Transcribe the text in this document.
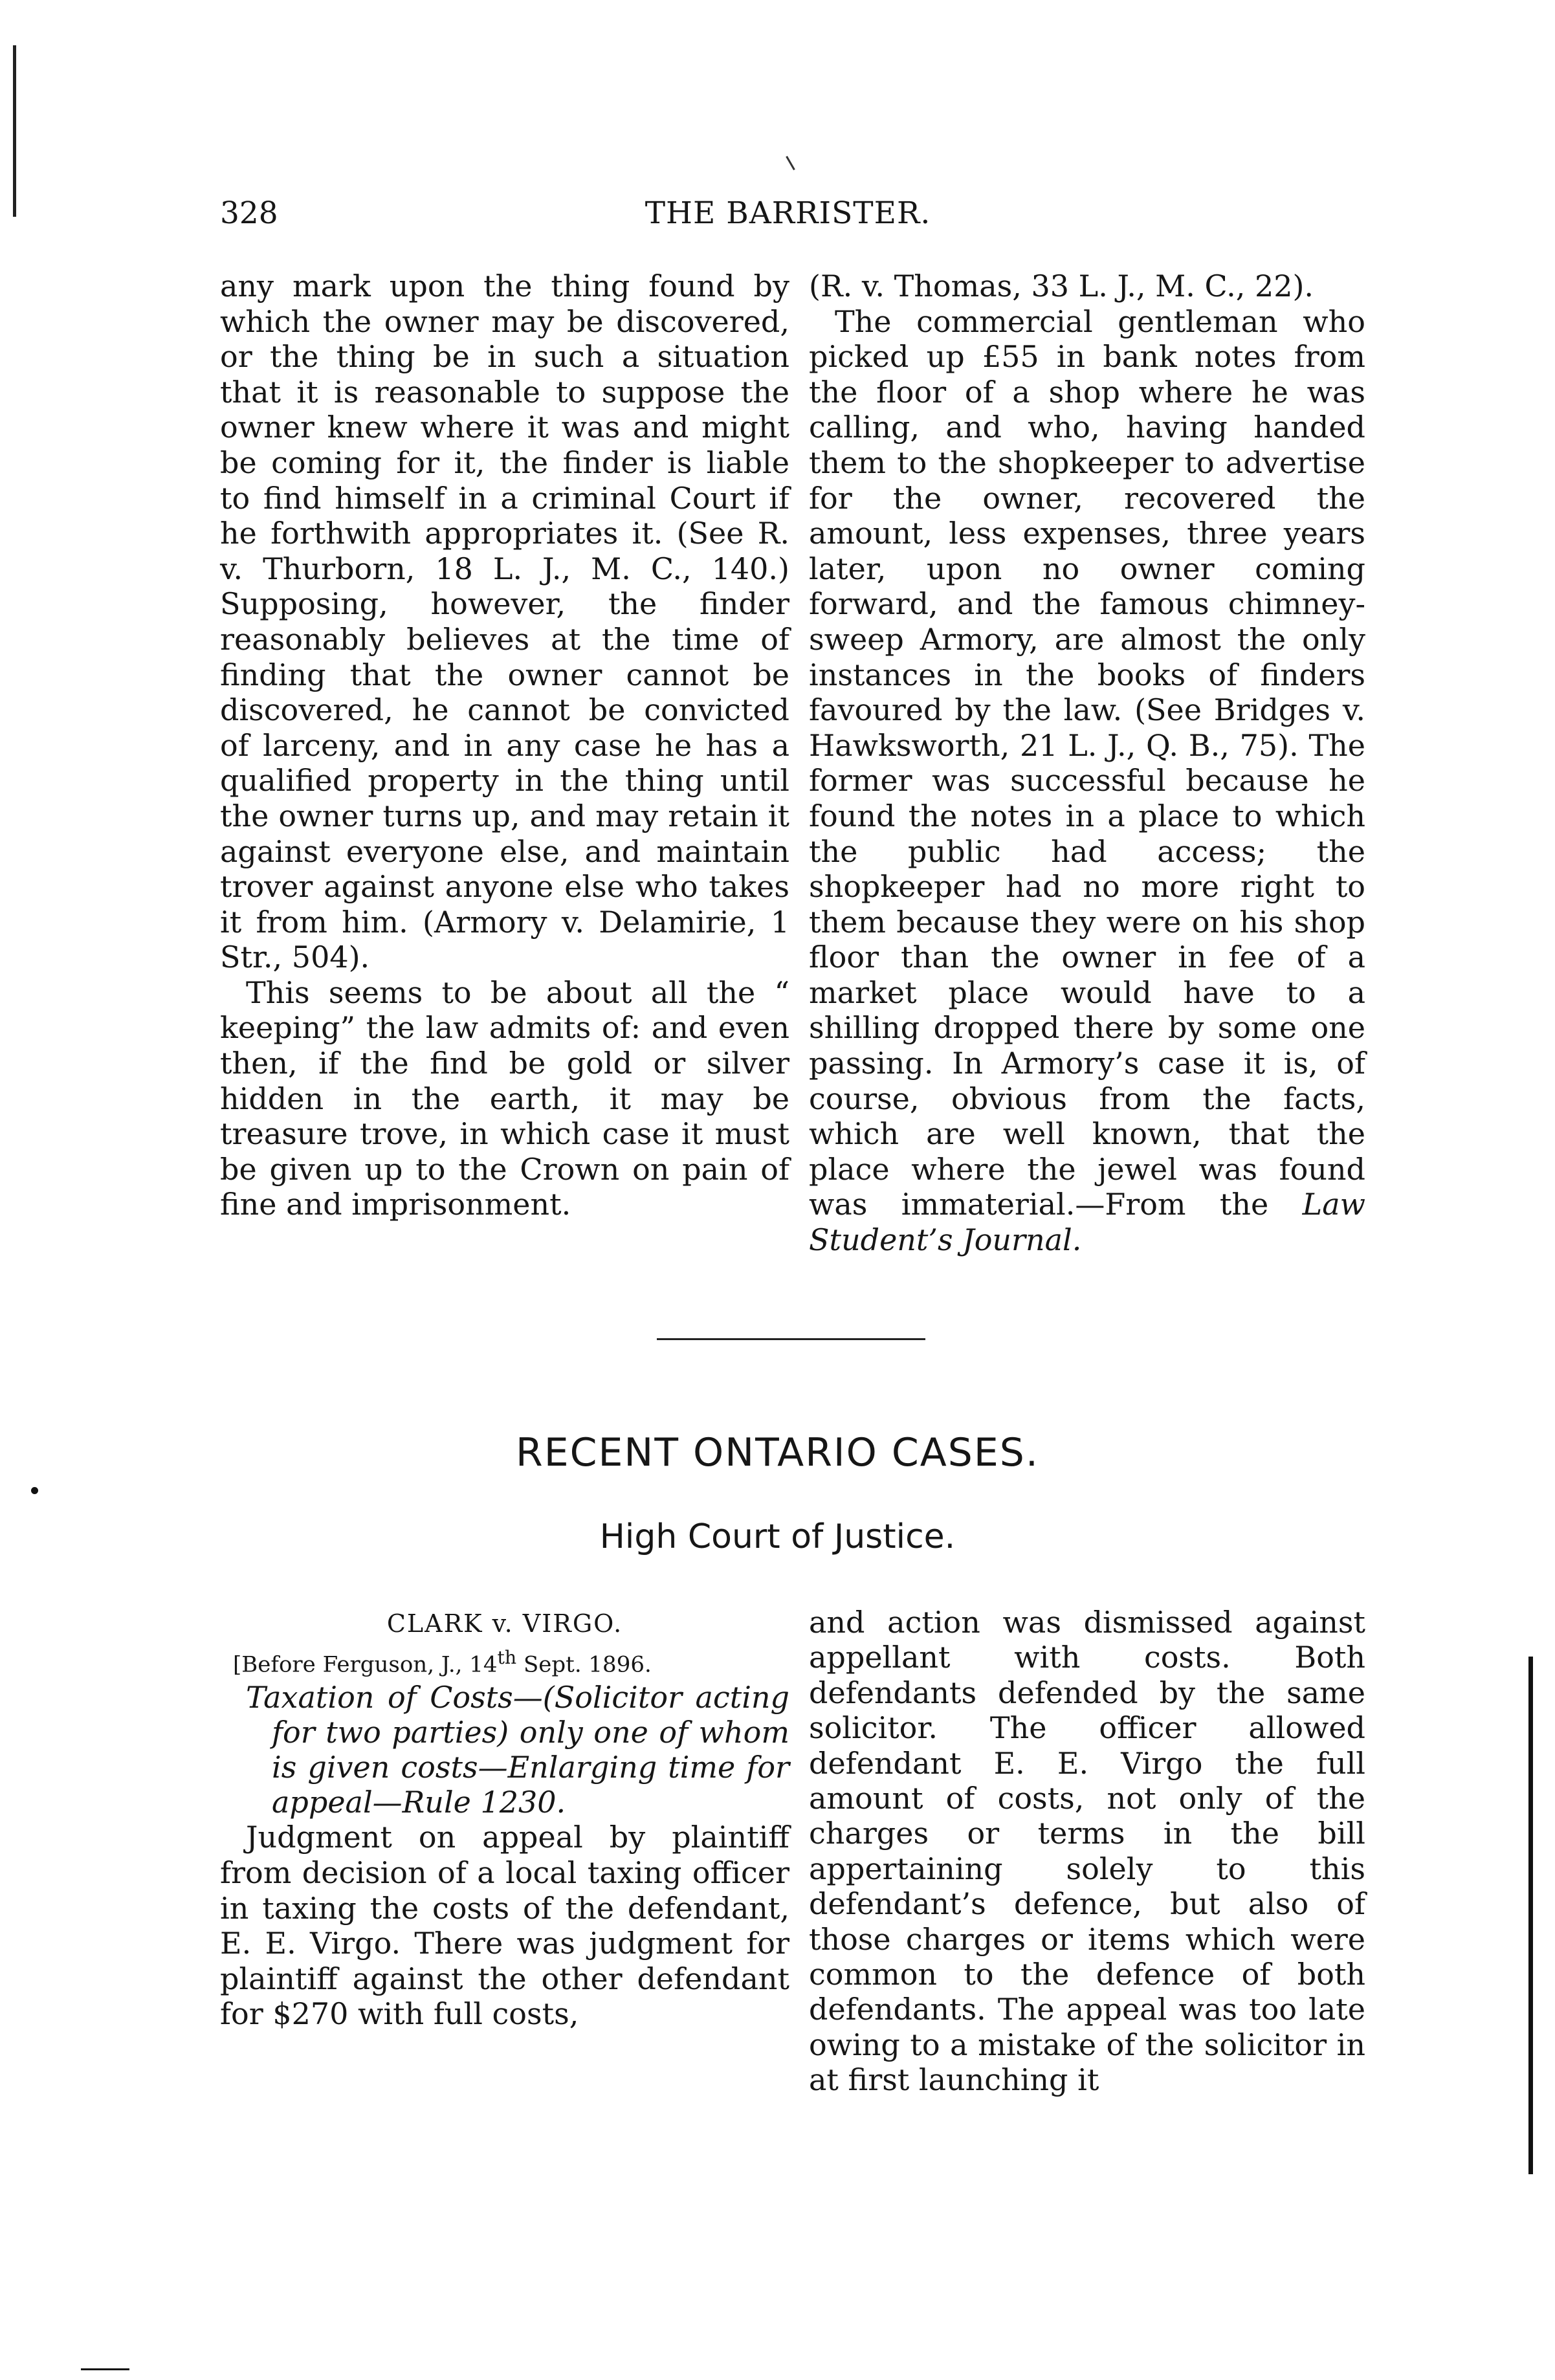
328	THE BARRISTER.

any mark upon the thing found by which the owner may be discovered, or the thing be in such a situation that it is reasonable to suppose the owner knew where it was and might be coming for it, the finder is liable to find himself in a criminal Court if he forthwith appropriates it. (See R. v. Thurborn, 18 L. J., M. C., 140.) Supposing, however, the finder reasonably believes at the time of finding that the owner cannot be discovered, he cannot be convicted of larceny, and in any case he has a qualified property in the thing until the owner turns up, and may retain it against everyone else, and maintain trover against anyone else who takes it from him. (Armory v. Delamirie, 1 Str., 504).

This seems to be about all the “ keeping” the law admits of: and even then, if the find be gold or silver hidden in the earth, it may be treasure trove, in which case it must be given up to the Crown on pain of fine and imprisonment.

(R. v. Thomas, 33 L. J., M. C., 22).

The commercial gentleman who picked up £55 in bank notes from the floor of a shop where he was calling, and who, having handed them to the shopkeeper to advertise for the owner, recovered the amount, less expenses, three years later, upon no owner coming forward, and the famous chimney-sweep Armory, are almost the only instances in the books of finders favoured by the law. (See Bridges v. Hawksworth, 21 L. J., Q. B., 75). The former was successful because he found the notes in a place to which the public had access; the shopkeeper had no more right to them because they were on his shop floor than the owner in fee of a market place would have to a shilling dropped there by some one passing. In Armory’s case it is, of course, obvious from the facts, which are well known, that the place where the jewel was found was immaterial.—From the Law Student’s Journal.

RECENT ONTARIO CASES.
High Court of Justice.

CLARK v. VIRGO.

[Before Ferguson, J., 14th Sept. 1896.

Taxation of Costs—(Solicitor acting for two parties) only one of whom is given costs—Enlarging time for appeal—Rule 1230.

Judgment on appeal by plaintiff from decision of a local taxing officer in taxing the costs of the defendant, E. E. Virgo. There was judgment for plaintiff against the other defendant for $270 with full costs,

and action was dismissed against appellant with costs. Both defendants defended by the same solicitor. The officer allowed defendant E. E. Virgo the full amount of costs, not only of the charges or terms in the bill appertaining solely to this defendant’s defence, but also of those charges or items which were common to the defence of both defendants. The appeal was too late owing to a mistake of the solicitor in at first launching it
